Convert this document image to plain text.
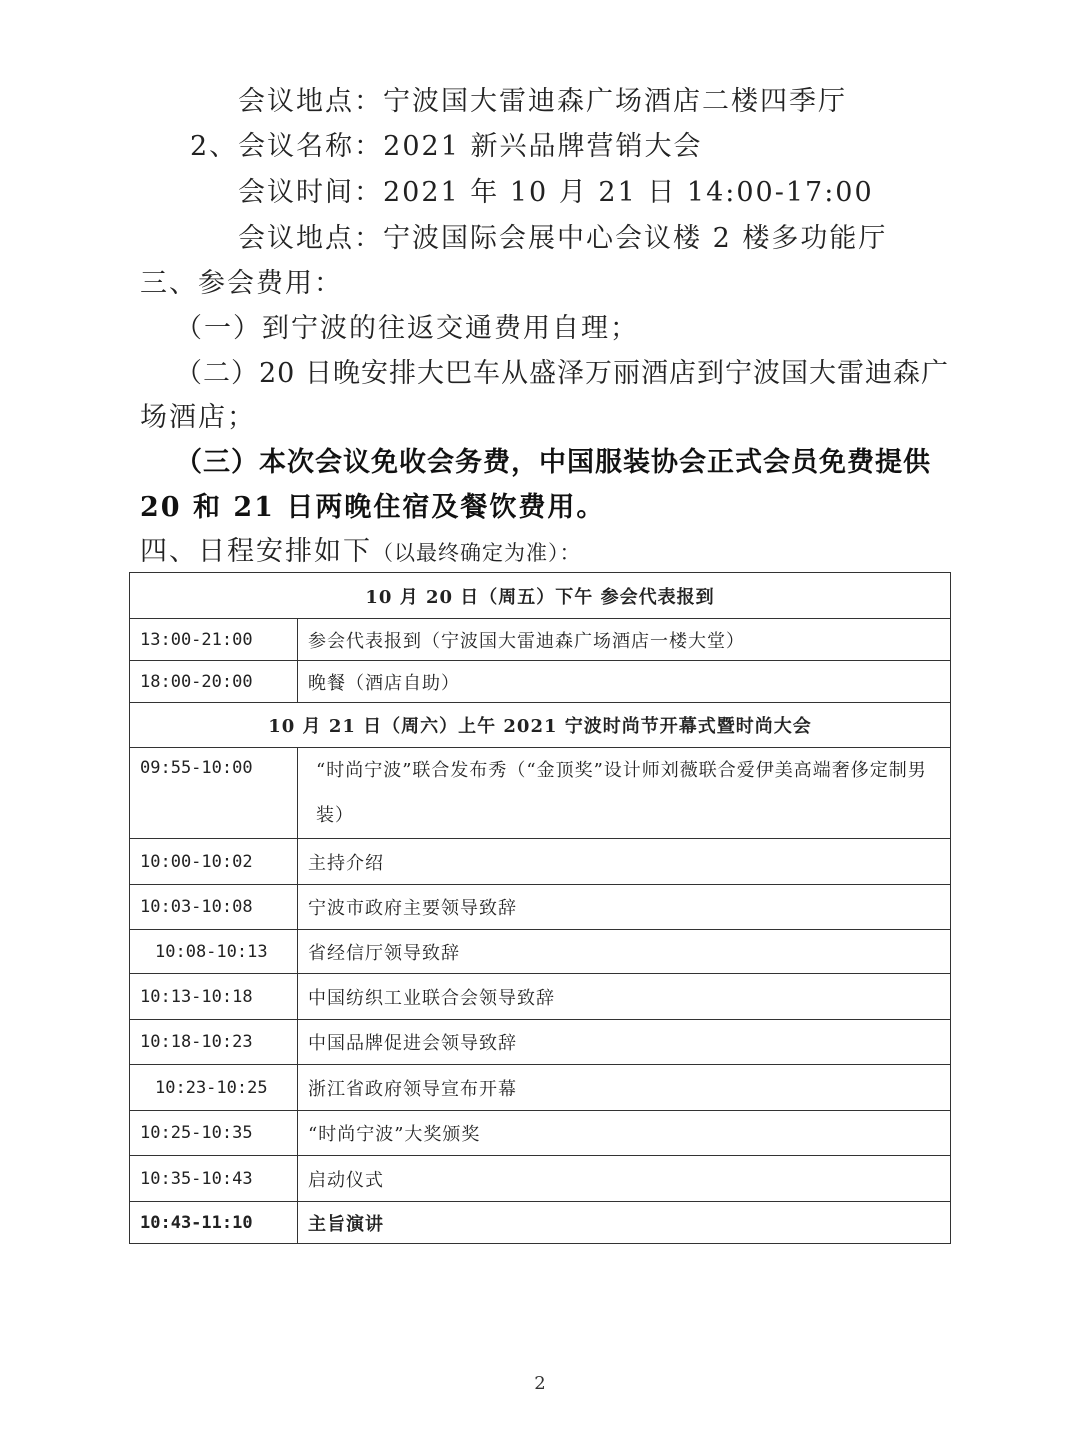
会议地点：宁波国大雷迪森广场酒店二楼四季厅
2、会议名称：2021 新兴品牌营销大会
会议时间：2021 年 10 月 21 日 14:00-17:00
会议地点：宁波国际会展中心会议楼 2 楼多功能厅
三、参会费用：
（一）到宁波的往返交通费用自理；
（二）20 日晚安排大巴车从盛泽万丽酒店到宁波国大雷迪森广
场酒店；
（三）本次会议免收会务费，中国服装协会正式会员免费提供
20 和 21 日两晚住宿及餐饮费用。
四、日程安排如下（以最终确定为准）：
10 月 20 日（周五）下午 参会代表报到	
13:00-21:00	参会代表报到（宁波国大雷迪森广场酒店一楼大堂）
18:00-20:00	晚餐（酒店自助）
10 月 21 日（周六）上午 2021 宁波时尚节开幕式暨时尚大会	
09:55-10:00	“时尚宁波”联合发布秀（“金顶奖”设计师刘薇联合爱伊美高端奢侈定制男装）
10:00-10:02	主持介绍
10:03-10:08	宁波市政府主要领导致辞
10:08-10:13	省经信厅领导致辞
10:13-10:18	中国纺织工业联合会领导致辞
10:18-10:23	中国品牌促进会领导致辞
10:23-10:25	浙江省政府领导宣布开幕
10:25-10:35	“时尚宁波”大奖颁奖
10:35-10:43	启动仪式
10:43-11:10	主旨演讲
2
